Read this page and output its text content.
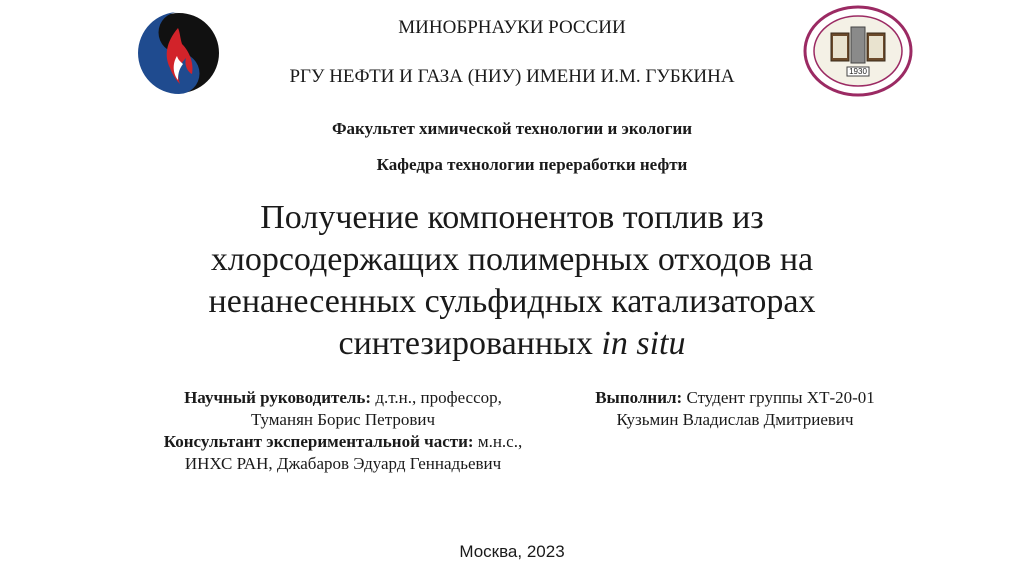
1930
МИНОБРНАУКИ РОССИИ
РГУ НЕФТИ И ГАЗА (НИУ) ИМЕНИ И.М. ГУБКИНА
Факультет химической технологии и экологии
Кафедра технологии переработки нефти
Получение компонентов топлив из
хлорсодержащих полимерных отходов на
ненанесенных сульфидных катализаторах
синтезированных in situ
Научный руководитель: д.т.н., профессор,
Туманян Борис Петрович
Консультант экспериментальной части: м.н.с.,
ИНХС РАН, Джабаров Эдуард Геннадьевич
Выполнил: Студент группы ХТ-20-01
Кузьмин Владислав Дмитриевич
Москва, 2023
